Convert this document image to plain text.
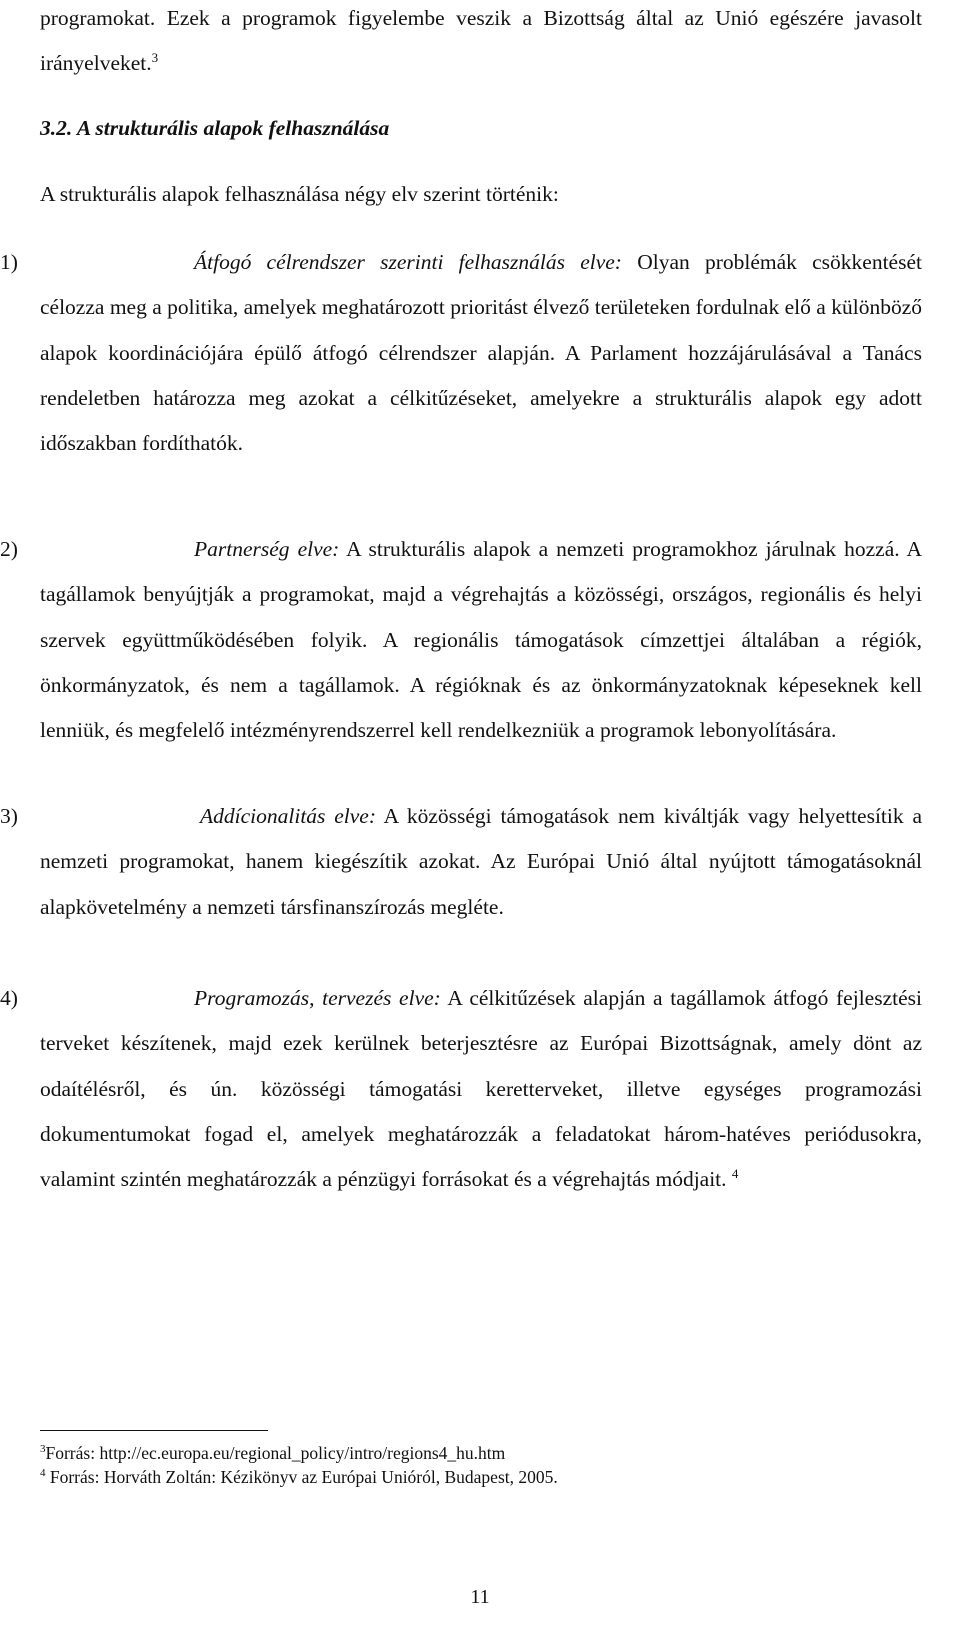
programokat. Ezek a programok figyelembe veszik a Bizottság által az Unió egészére javasolt irányelveket.$^3$

3.2. A strukturális alapok felhasználása

A strukturális alapok felhasználása négy elv szerint történik:

Átfogó célrendszer szerinti felhasználás elve: Olyan problémák csökkentését célozza meg a politika, amelyek meghatározott prioritást élvező területeken fordulnak elő a különböző alapok koordinációjára épülő átfogó célrendszer alapján. A Parlament hozzájárulásával a Tanács rendeletben határozza meg azokat a célkitűzéseket, amelyekre a strukturális alapok egy adott időszakban fordíthatók.

1)

Partnerség elve: A strukturális alapok a nemzeti programokhoz járulnak hozzá. A tagállamok benyújtják a programokat, majd a végrehajtás a közösségi, országos, regionális és helyi szervek együttműködésében folyik. A regionális támogatások címzettjei általában a régiók, önkormányzatok, és nem a tagállamok. A régióknak és az önkormányzatoknak képeseknek kell lenniük, és megfelelő intézményrendszerrel kell rendelkezniük a programok lebonyolítására.

2)

Addícionalitás elve: A közösségi támogatások nem kiváltják vagy helyettesítik a nemzeti programokat, hanem kiegészítik azokat. Az Európai Unió által nyújtott támogatásoknál alapkövetelmény a nemzeti társfinanszírozás megléte.

3)

Programozás, tervezés elve: A célkitűzések alapján a tagállamok átfogó fejlesztési terveket készítenek, majd ezek kerülnek beterjesztésre az Európai Bizottságnak, amely dönt az odaítélésről, és ún. közösségi támogatási keretterveket, illetve egységes programozási dokumentumokat fogad el, amelyek meghatározzák a feladatokat három-hatéves periódusokra, valamint szintén meghatározzák a pénzügyi forrásokat és a végrehajtás módjait. $^4$

4)

$^3$Forrás: http://ec.europa.eu/regional_policy/intro/regions4_hu.htm

$^4$ Forrás: Horváth Zoltán: Kézikönyv az Európai Unióról, Budapest, 2005.

11
